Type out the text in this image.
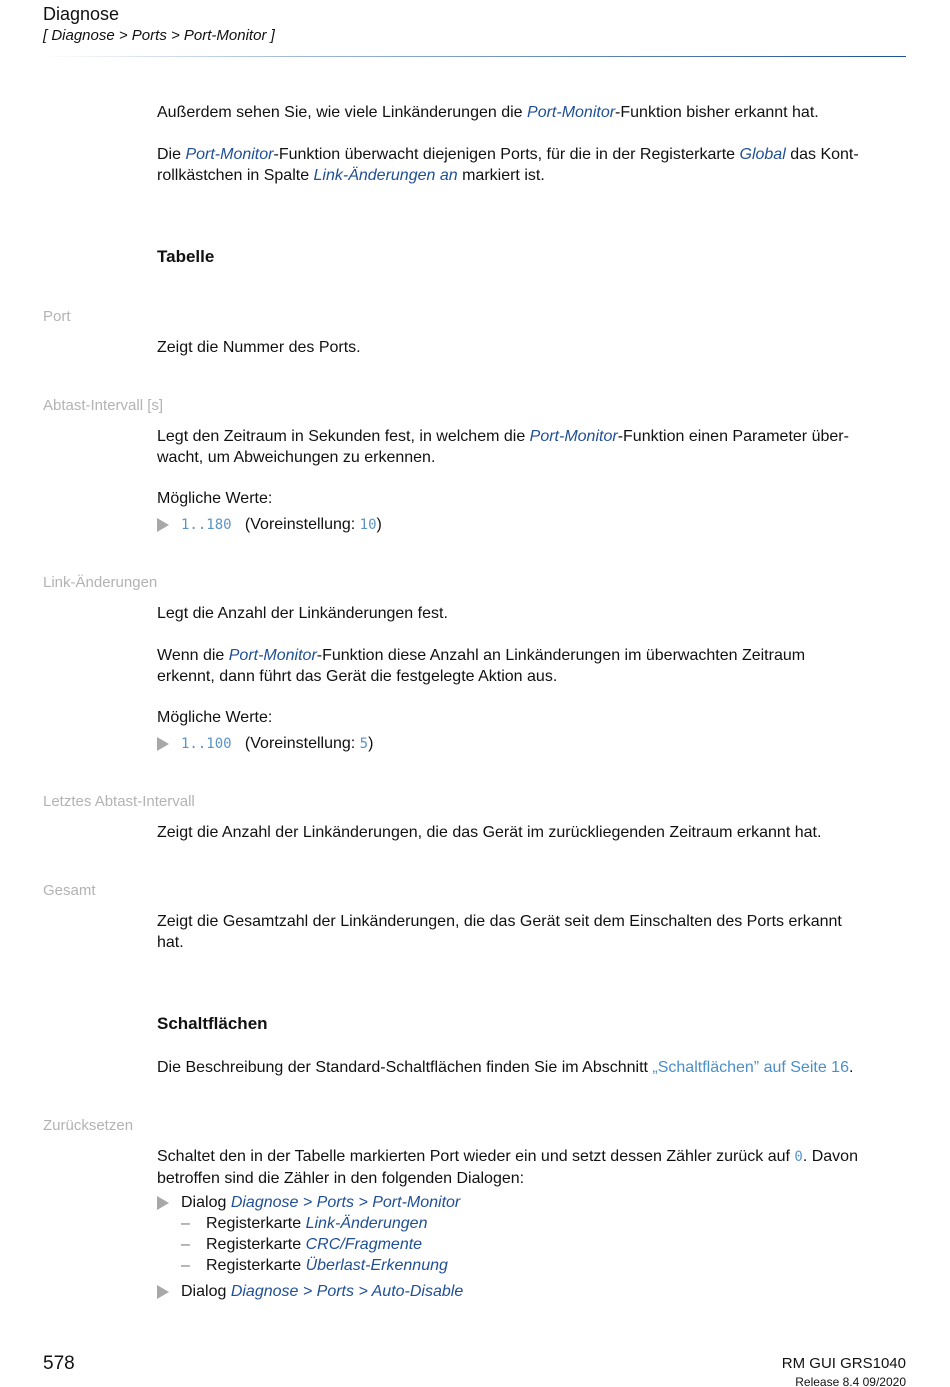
Diagnose
[ Diagnose > Ports > Port-Monitor ]
Außerdem sehen Sie, wie viele Linkänderungen die Port-Monitor-Funktion bisher erkannt hat.
Die Port-Monitor-Funktion überwacht diejenigen Ports, für die in der Registerkarte Global das Kont-
rollkästchen in Spalte Link-Änderungen an markiert ist.
Tabelle
Port
Zeigt die Nummer des Ports.
Abtast-Intervall [s]
Legt den Zeitraum in Sekunden fest, in welchem die Port-Monitor-Funktion einen Parameter über-
wacht, um Abweichungen zu erkennen.
Mögliche Werte:
1..180 (Voreinstellung: 10)
Link-Änderungen
Legt die Anzahl der Linkänderungen fest.
Wenn die Port-Monitor-Funktion diese Anzahl an Linkänderungen im überwachten Zeitraum
erkennt, dann führt das Gerät die festgelegte Aktion aus.
Mögliche Werte:
1..100 (Voreinstellung: 5)
Letztes Abtast-Intervall
Zeigt die Anzahl der Linkänderungen, die das Gerät im zurückliegenden Zeitraum erkannt hat.
Gesamt
Zeigt die Gesamtzahl der Linkänderungen, die das Gerät seit dem Einschalten des Ports erkannt
hat.
Schaltflächen
Die Beschreibung der Standard-Schaltflächen finden Sie im Abschnitt „Schaltflächen” auf Seite 16.
Zurücksetzen
Schaltet den in der Tabelle markierten Port wieder ein und setzt dessen Zähler zurück auf 0. Davon
betroffen sind die Zähler in den folgenden Dialogen:
Dialog Diagnose > Ports > Port-Monitor
– Registerkarte Link-Änderungen
– Registerkarte CRC/Fragmente
– Registerkarte Überlast-Erkennung
Dialog Diagnose > Ports > Auto-Disable
578	RM GUI GRS1040
Release 8.4 09/2020
